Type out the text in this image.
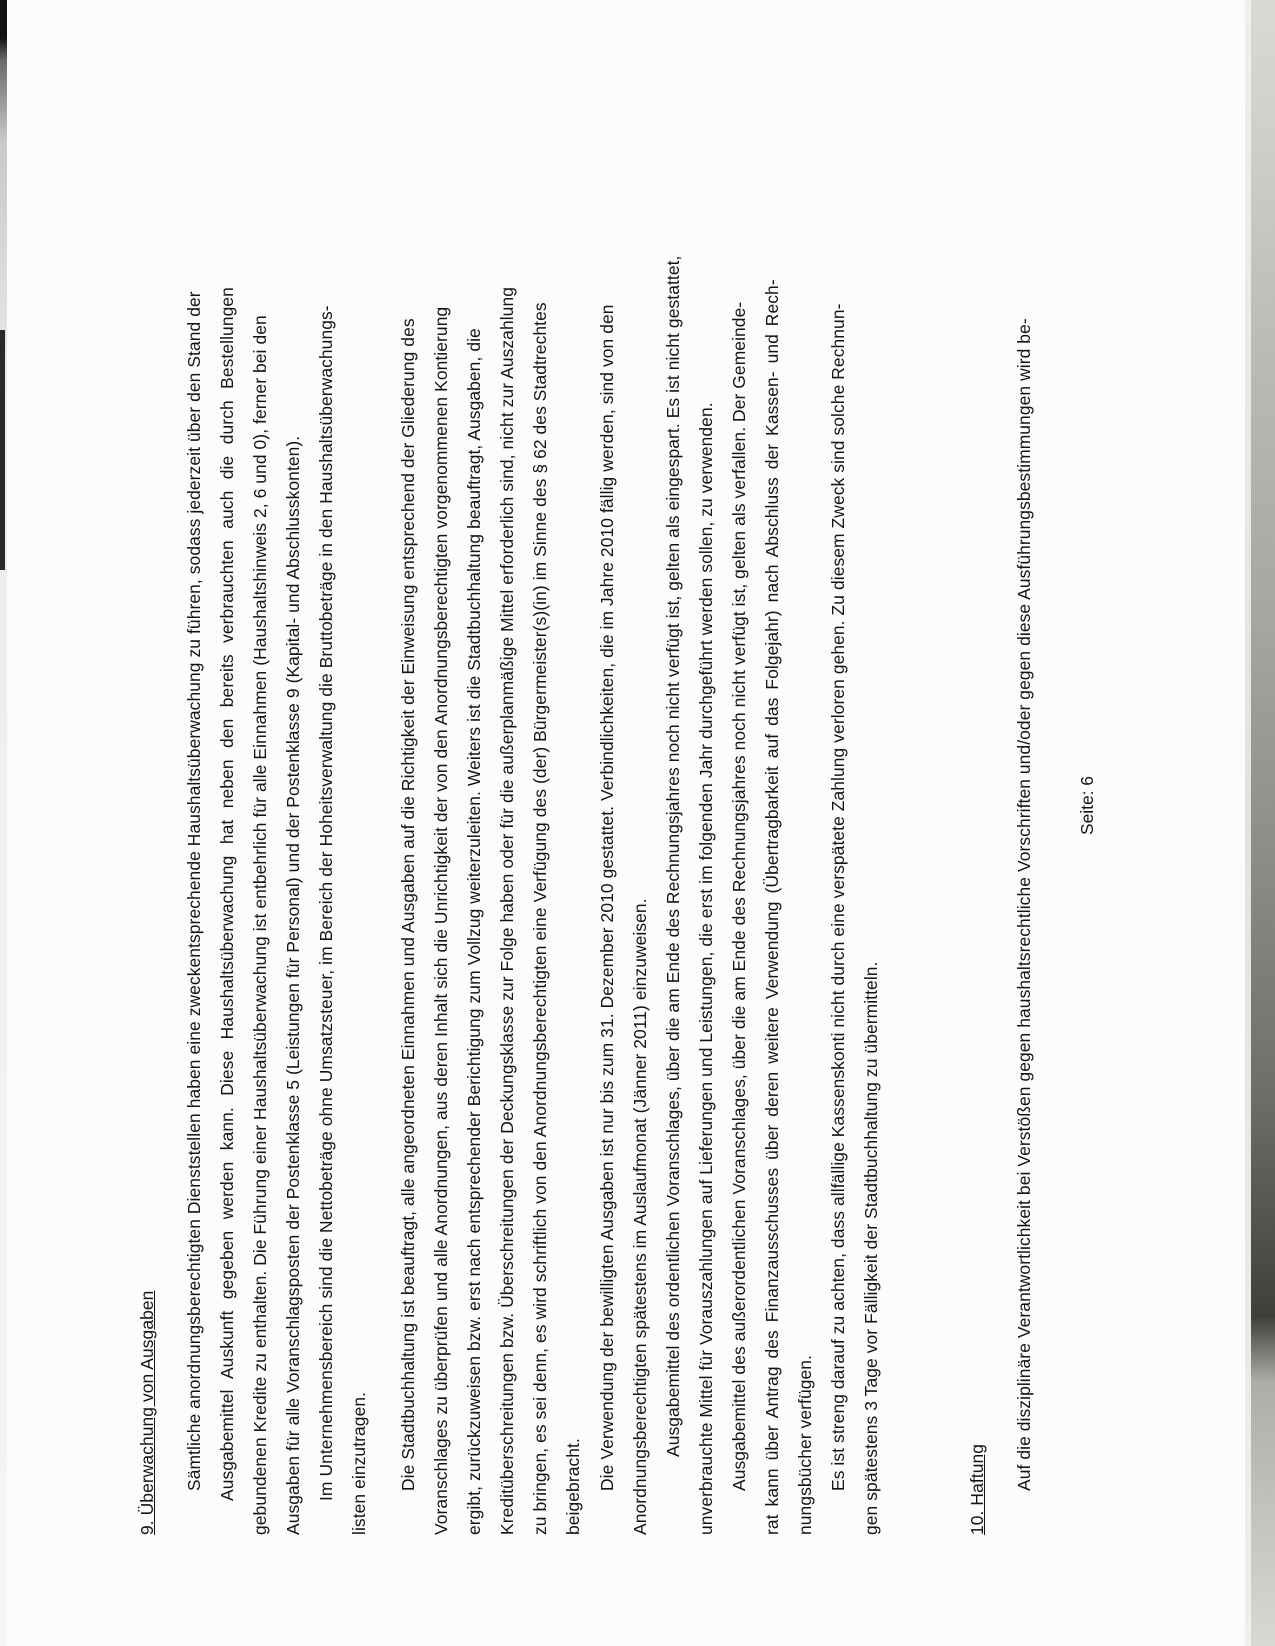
9. Überwachung von Ausgaben Sämtliche anordnungsberechtigten Dienststellen haben eine zweckentsprechende Haushaltsüberwachung zu führen, sodass jederzeit über den Stand der Ausgabemittel Auskunft gegeben werden kann. Diese Haushaltsüberwachung hat neben den bereits verbrauchten auch die durch Bestellungen gebundenen Kredite zu enthalten. Die Führung einer Haushaltsüberwachung ist entbehrlich für alle Einnahmen (Haushaltshinweis 2, 6 und 0), ferner bei den Ausgaben für alle Voranschlagsposten der Postenklasse 5 (Leistungen für Personal) und der Postenklasse 9 (Kapital- und Abschlusskonten). Im Unternehmensbereich sind die Nettobeträge ohne Umsatzsteuer, im Bereich der Hoheitsverwaltung die Bruttobeträge in den Haushaltsüberwachungs- listen einzutragen. Die Stadtbuchhaltung ist beauftragt, alle angeordneten Einnahmen und Ausgaben auf die Richtigkeit der Einweisung entsprechend der Gliederung des Voranschlages zu überprüfen und alle Anordnungen, aus deren Inhalt sich die Unrichtigkeit der von den Anordnungsberechtigten vorgenommenen Kontierung ergibt, zurückzuweisen bzw. erst nach entsprechender Berichtigung zum Vollzug weiterzuleiten. Weiters ist die Stadtbuchhaltung beauftragt, Ausgaben, die Kreditüberschreitungen bzw. Überschreitungen der Deckungsklasse zur Folge haben oder für die außerplanmäßige Mittel erforderlich sind, nicht zur Auszahlung zu bringen, es sei denn, es wird schriftlich von den Anordnungsberechtigten eine Verfügung des (der) Bürgermeister(s)(in) im Sinne des § 62 des Stadtrechtes beigebracht. Die Verwendung der bewilligten Ausgaben ist nur bis zum 31. Dezember 2010 gestattet. Verbindlichkeiten, die im Jahre 2010 fällig werden, sind von den Anordnungsberechtigten spätestens im Auslaufmonat (Jänner 2011) einzuweisen. Ausgabemittel des ordentlichen Voranschlages, über die am Ende des Rechnungsjahres noch nicht verfügt ist, gelten als eingespart. Es ist nicht gestattet, unverbrauchte Mittel für Vorauszahlungen auf Lieferungen und Leistungen, die erst im folgenden Jahr durchgeführt werden sollen, zu verwenden. Ausgabemittel des außerordentlichen Voranschlages, über die am Ende des Rechnungsjahres noch nicht verfügt ist, gelten als verfallen. Der Gemeinde- rat kann über Antrag des Finanzausschusses über deren weitere Verwendung (Übertragbarkeit auf das Folgejahr) nach Abschluss der Kassen- und Rech- nungsbücher verfügen. Es ist streng darauf zu achten, dass allfällige Kassenskonti nicht durch eine verspätete Zahlung verloren gehen. Zu diesem Zweck sind solche Rechnun- gen spätestens 3 Tage vor Fälligkeit der Stadtbuchhaltung zu übermitteln.	10. Haftung Auf die disziplinäre Verantwortlichkeit bei Verstößen gegen haushaltsrechtliche Vorschriften und/oder gegen diese Ausführungsbestimmungen wird be- Seite: 6
